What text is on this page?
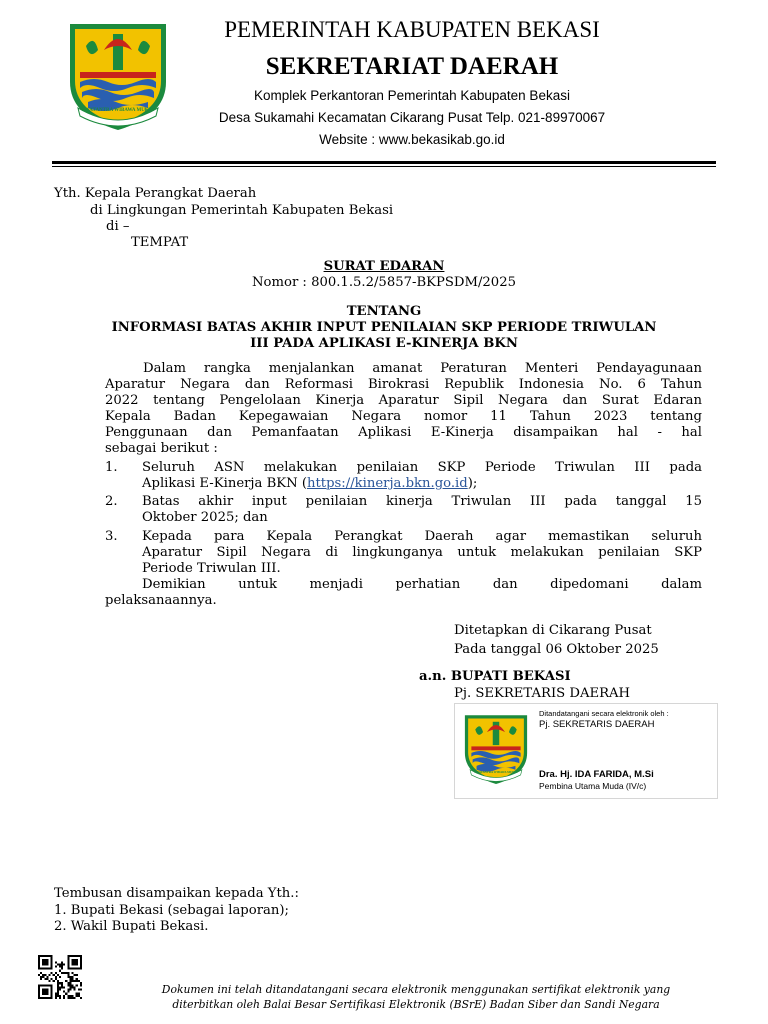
SWATANTRA WIBAWA MUKTI
PEMERINTAH KABUPATEN BEKASI
SEKRETARIAT DAERAH
Komplek Perkantoran Pemerintah Kabupaten Bekasi
Desa Sukamahi Kecamatan Cikarang Pusat Telp. 021-89970067
Website : www.bekasikab.go.id
Yth. Kepala Perangkat Daerah
di Lingkungan Pemerintah Kabupaten Bekasi
di –
TEMPAT
SURAT EDARAN
Nomor : 800.1.5.2/5857-BKPSDM/2025
TENTANG
INFORMASI BATAS AKHIR INPUT PENILAIAN SKP PERIODE TRIWULAN
III PADA APLIKASI E-KINERJA BKN
Dalam rangka menjalankan amanat Peraturan Menteri Pendayagunaan
Aparatur Negara dan Reformasi Birokrasi Republik Indonesia No. 6 Tahun
2022 tentang Pengelolaan Kinerja Aparatur Sipil Negara dan Surat Edaran
Kepala Badan Kepegawaian Negara nomor 11 Tahun 2023 tentang
Penggunaan dan Pemanfaatan Aplikasi E-Kinerja disampaikan hal - hal
sebagai berikut :
1. Seluruh ASN melakukan penilaian SKP Periode Triwulan III pada
Aplikasi E-Kinerja BKN (https://kinerja.bkn.go.id);
2. Batas akhir input penilaian kinerja Triwulan III pada tanggal 15
Oktober 2025; dan
3. Kepada para Kepala Perangkat Daerah agar memastikan seluruh
Aparatur Sipil Negara di lingkunganya untuk melakukan penilaian SKP
Periode Triwulan III.
Demikian untuk menjadi perhatian dan dipedomani dalam
pelaksanaannya.
Ditetapkan di Cikarang Pusat
Pada tanggal 06 Oktober 2025
a.n. BUPATI BEKASI
Pj. SEKRETARIS DAERAH
SWATANTRA WIBAWA MUKTI
Ditandatangani secara elektronik oleh :
Pj. SEKRETARIS DAERAH
Dra. Hj. IDA FARIDA, M.Si
Pembina Utama Muda (IV/c)
Tembusan disampaikan kepada Yth.:
1. Bupati Bekasi (sebagai laporan);
2. Wakil Bupati Bekasi.
Dokumen ini telah ditandatangani secara elektronik menggunakan sertifikat elektronik yang
diterbitkan oleh Balai Besar Sertifikasi Elektronik (BSrE) Badan Siber dan Sandi Negara
